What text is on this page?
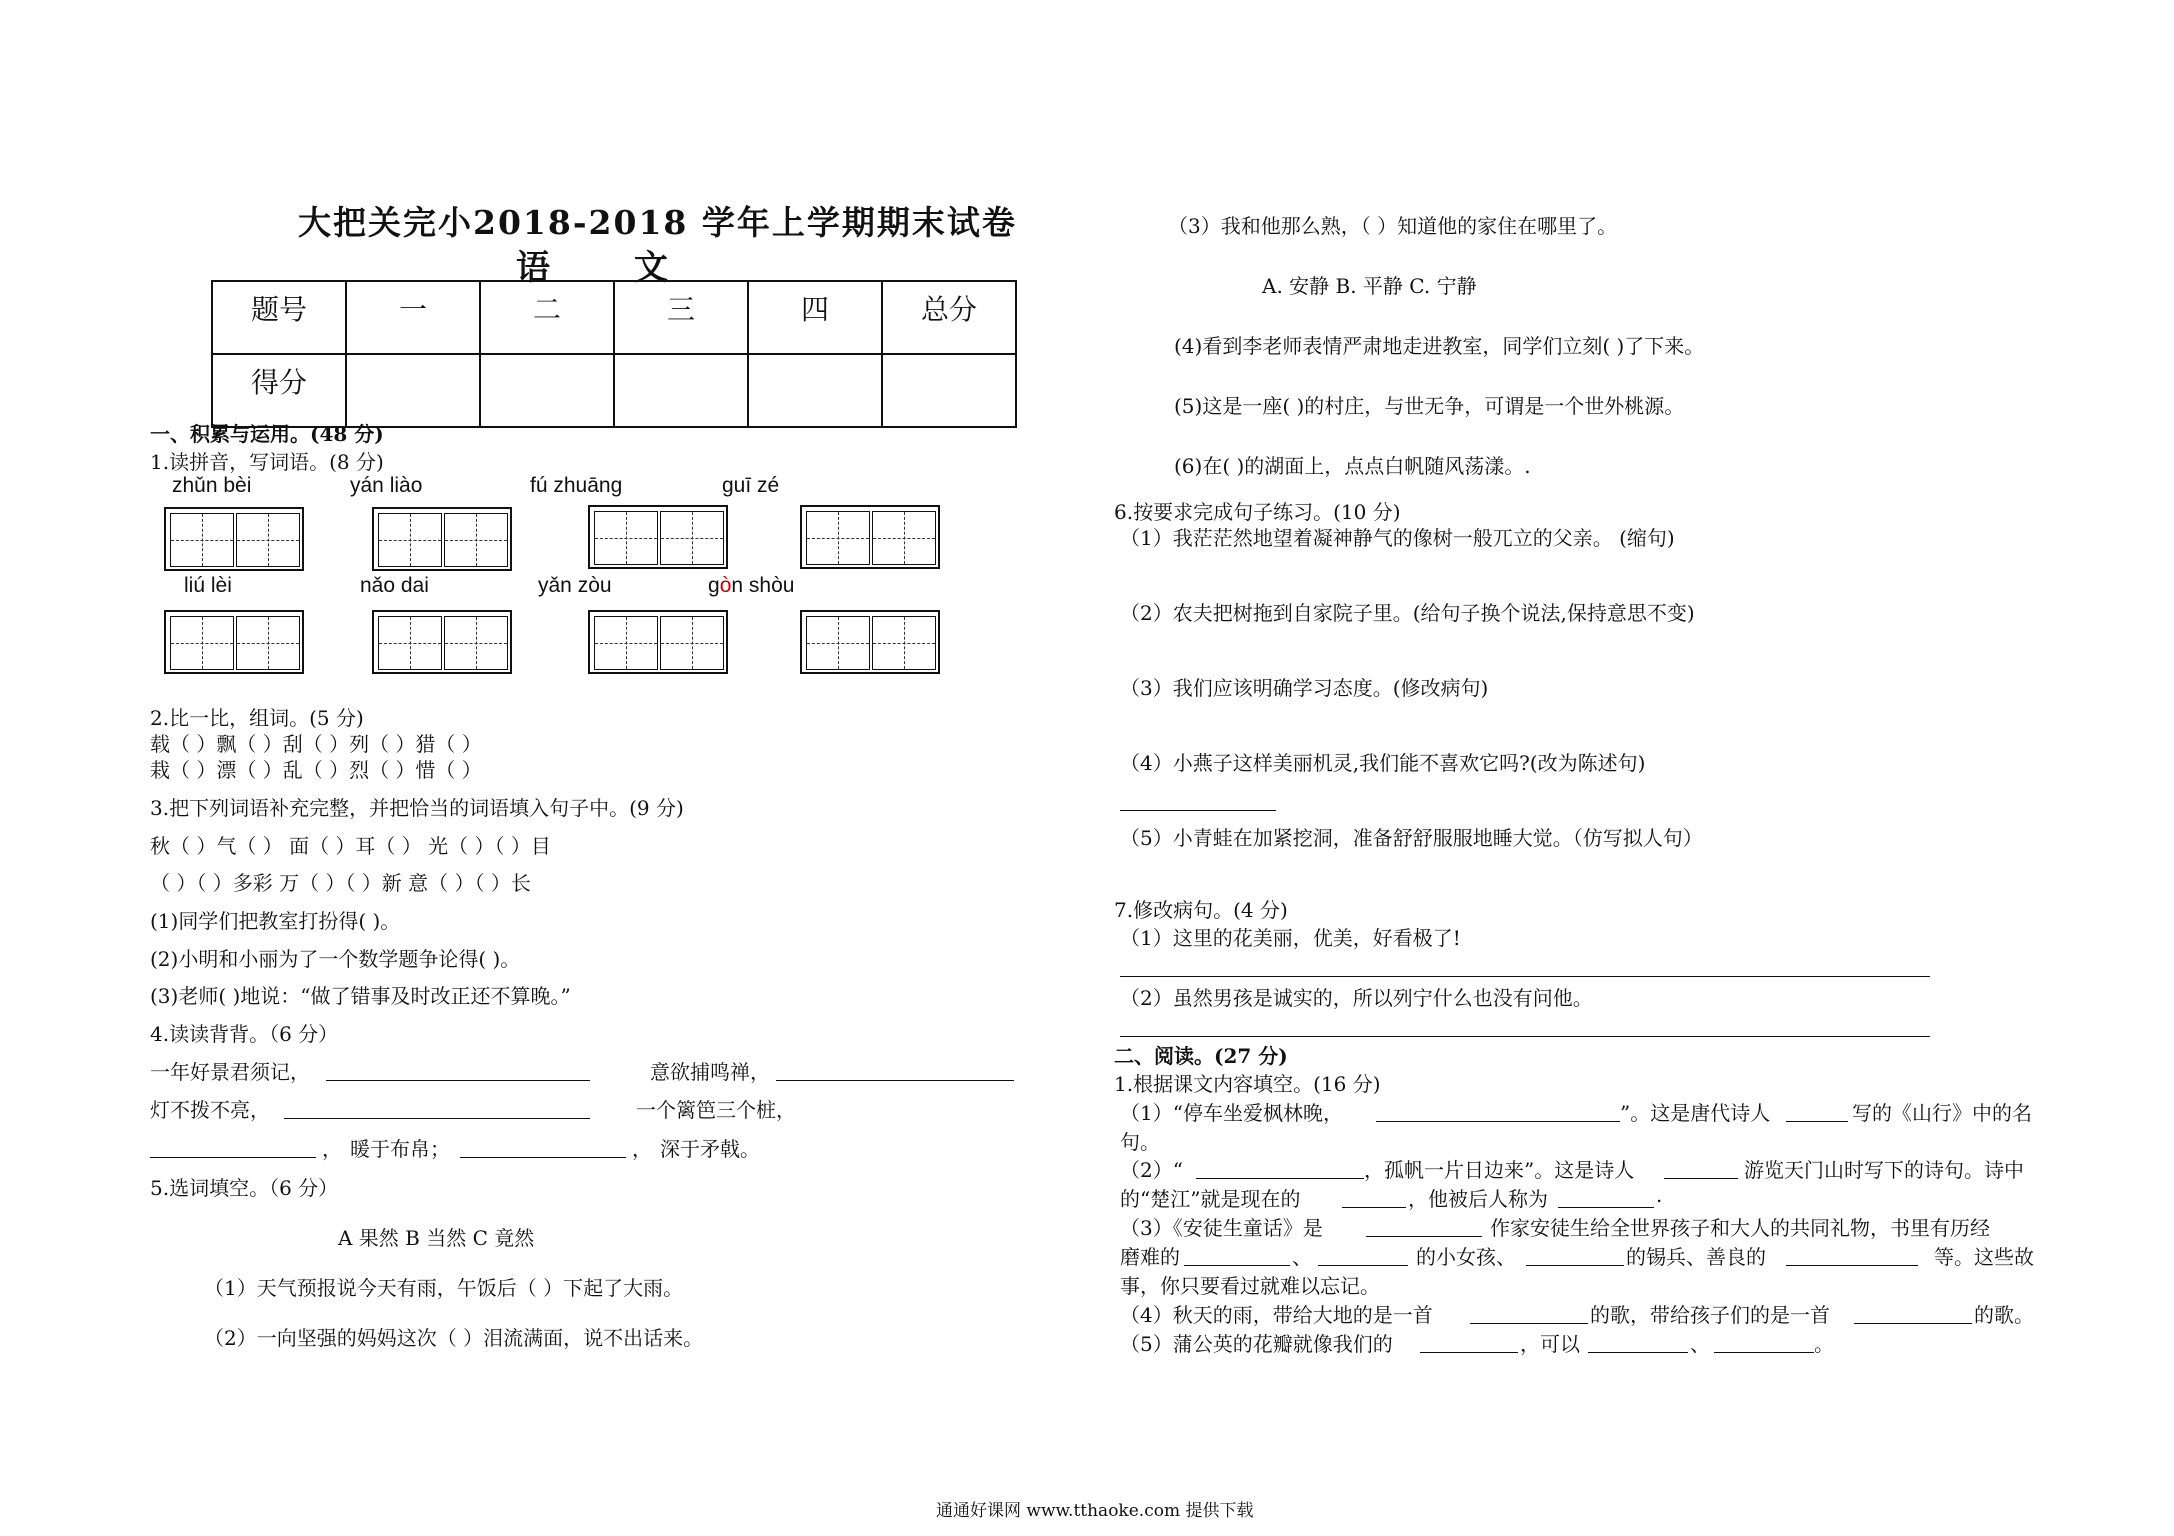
大把关完小2018-2018 学年上学期期末试卷
语 文
题号	一	二	三	四	总分
得分					
一、积累与运用。(48 分)
1.读拼音，写词语。(8 分)
zhǔn bèi	yán liào	fú zhuāng	guī zé
liú lèi	nǎo dai	yǎn zòu	gòn shòu
2.比一比，组词。(5 分)
载（ ）飘（ ）刮（ ）列（ ）猎（ ）
栽（ ）漂（ ）乱（ ）烈（ ）惜（ ）
3.把下列词语补充完整，并把恰当的词语填入句子中。(9 分)
秋（ ）气（ ） 面（ ）耳（ ） 光（ ）（ ）目
（ ）（ ）多彩 万（ ）（ ）新 意（ ）（ ）长
(1)同学们把教室打扮得( )。
(2)小明和小丽为了一个数学题争论得( )。
(3)老师( )地说：“做了错事及时改正还不算晚。”
4.读读背背。（6 分）
一年好景君须记，	意欲捕鸣禅，
灯不拨不亮，	一个篱笆三个桩，
， 暖于布帛；	， 深于矛戟。
5.选词填空。（6 分）
A 果然 B 当然 C 竟然
（1）天气预报说今天有雨，午饭后（ ）下起了大雨。
（2）一向坚强的妈妈这次（ ）泪流满面，说不出话来。
（3）我和他那么熟，（ ）知道他的家住在哪里了。
A. 安静 B. 平静 C. 宁静
(4)看到李老师表情严肃地走进教室，同学们立刻( )了下来。
(5)这是一座( )的村庄，与世无争，可谓是一个世外桃源。
(6)在( )的湖面上，点点白帆随风荡漾。.
6.按要求完成句子练习。(10 分)
（1）我茫茫然地望着凝神静气的像树一般兀立的父亲。 (缩句)
（2）农夫把树拖到自家院子里。(给句子换个说法,保持意思不变)
（3）我们应该明确学习态度。(修改病句)
（4）小燕子这样美丽机灵,我们能不喜欢它吗?(改为陈述句)
（5）小青蛙在加紧挖洞，准备舒舒服服地睡大觉。（仿写拟人句）
7.修改病句。(4 分)
（1）这里的花美丽，优美，好看极了!
（2）虽然男孩是诚实的，所以列宁什么也没有问他。
二、阅读。(27 分)
1.根据课文内容填空。(16 分)
（1）“停车坐爱枫林晚，	”。这是唐代诗人	写的《山行》中的名
句。
（2）“	，孤帆一片日边来”。这是诗人	游览天门山时写下的诗句。诗中
的“楚江”就是现在的	，他被后人称为	.
（3）《安徒生童话》是	作家安徒生给全世界孩子和大人的共同礼物，书里有历经
磨难的	、	的小女孩、	的锡兵、善良的	等。这些故
事，你只要看过就难以忘记。
（4）秋天的雨，带给大地的是一首	的歌，带给孩子们的是一首	的歌。
（5）蒲公英的花瓣就像我们的	，可以	、	。
通通好课网 www.tthaoke.com 提供下载
